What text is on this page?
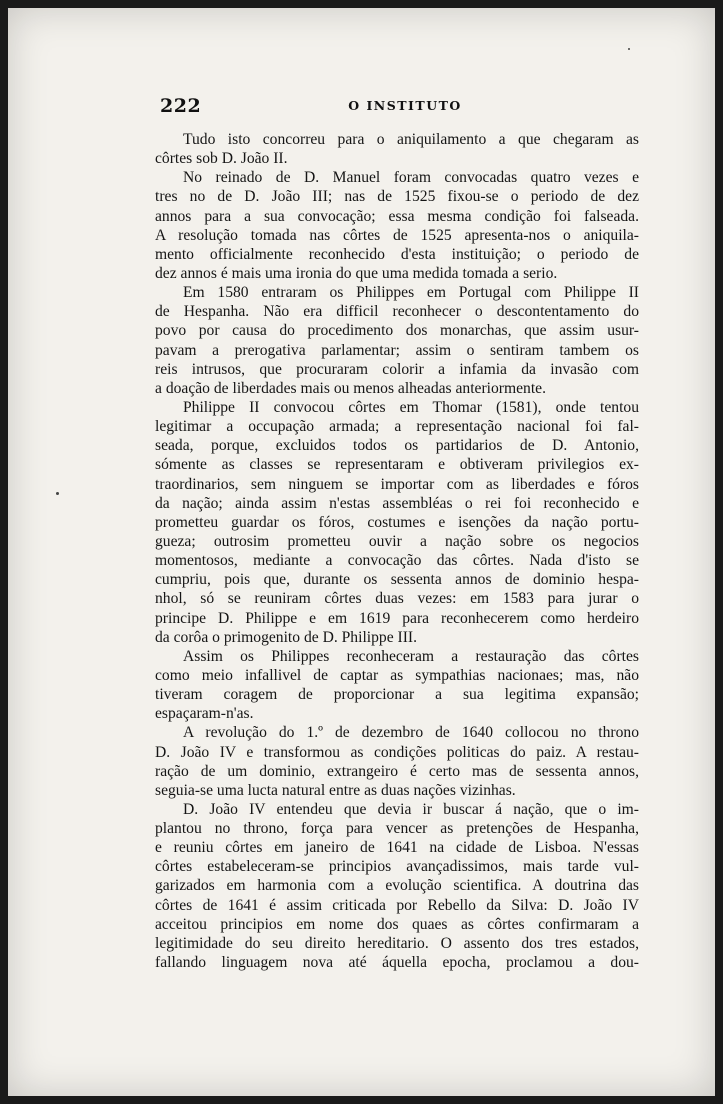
222	O INSTITUTO
Tudo isto concorreu para o aniquilamento a que chegaram as
côrtes sob D. João II.
No reinado de D. Manuel foram convocadas quatro vezes e
tres no de D. João III; nas de 1525 fixou-se o periodo de dez
annos para a sua convocação; essa mesma condição foi falseada.
A resolução tomada nas côrtes de 1525 apresenta-nos o aniquila-
mento officialmente reconhecido d'esta instituição; o periodo de
dez annos é mais uma ironia do que uma medida tomada a serio.
Em 1580 entraram os Philippes em Portugal com Philippe II
de Hespanha. Não era difficil reconhecer o descontentamento do
povo por causa do procedimento dos monarchas, que assim usur-
pavam a prerogativa parlamentar; assim o sentiram tambem os
reis intrusos, que procuraram colorir a infamia da invasão com
a doação de liberdades mais ou menos alheadas anteriormente.
Philippe II convocou côrtes em Thomar (1581), onde tentou
legitimar a occupação armada; a representação nacional foi fal-
seada, porque, excluidos todos os partidarios de D. Antonio,
sómente as classes se representaram e obtiveram privilegios ex-
traordinarios, sem ninguem se importar com as liberdades e fóros
da nação; ainda assim n'estas assembléas o rei foi reconhecido e
prometteu guardar os fóros, costumes e isenções da nação portu-
gueza; outrosim prometteu ouvir a nação sobre os negocios
momentosos, mediante a convocação das côrtes. Nada d'isto se
cumpriu, pois que, durante os sessenta annos de dominio hespa-
nhol, só se reuniram côrtes duas vezes: em 1583 para jurar o
principe D. Philippe e em 1619 para reconhecerem como herdeiro
da corôa o primogenito de D. Philippe III.
Assim os Philippes reconheceram a restauração das côrtes
como meio infallivel de captar as sympathias nacionaes; mas, não
tiveram coragem de proporcionar a sua legitima expansão;
espaçaram-n'as.
A revolução do 1.º de dezembro de 1640 collocou no throno
D. João IV e transformou as condições politicas do paiz. A restau-
ração de um dominio, extrangeiro é certo mas de sessenta annos,
seguia-se uma lucta natural entre as duas nações vizinhas.
D. João IV entendeu que devia ir buscar á nação, que o im-
plantou no throno, força para vencer as pretenções de Hespanha,
e reuniu côrtes em janeiro de 1641 na cidade de Lisboa. N'essas
côrtes estabeleceram-se principios avançadissimos, mais tarde vul-
garizados em harmonia com a evolução scientifica. A doutrina das
côrtes de 1641 é assim criticada por Rebello da Silva: D. João IV
acceitou principios em nome dos quaes as côrtes confirmaram a
legitimidade do seu direito hereditario. O assento dos tres estados,
fallando linguagem nova até áquella epocha, proclamou a dou-
